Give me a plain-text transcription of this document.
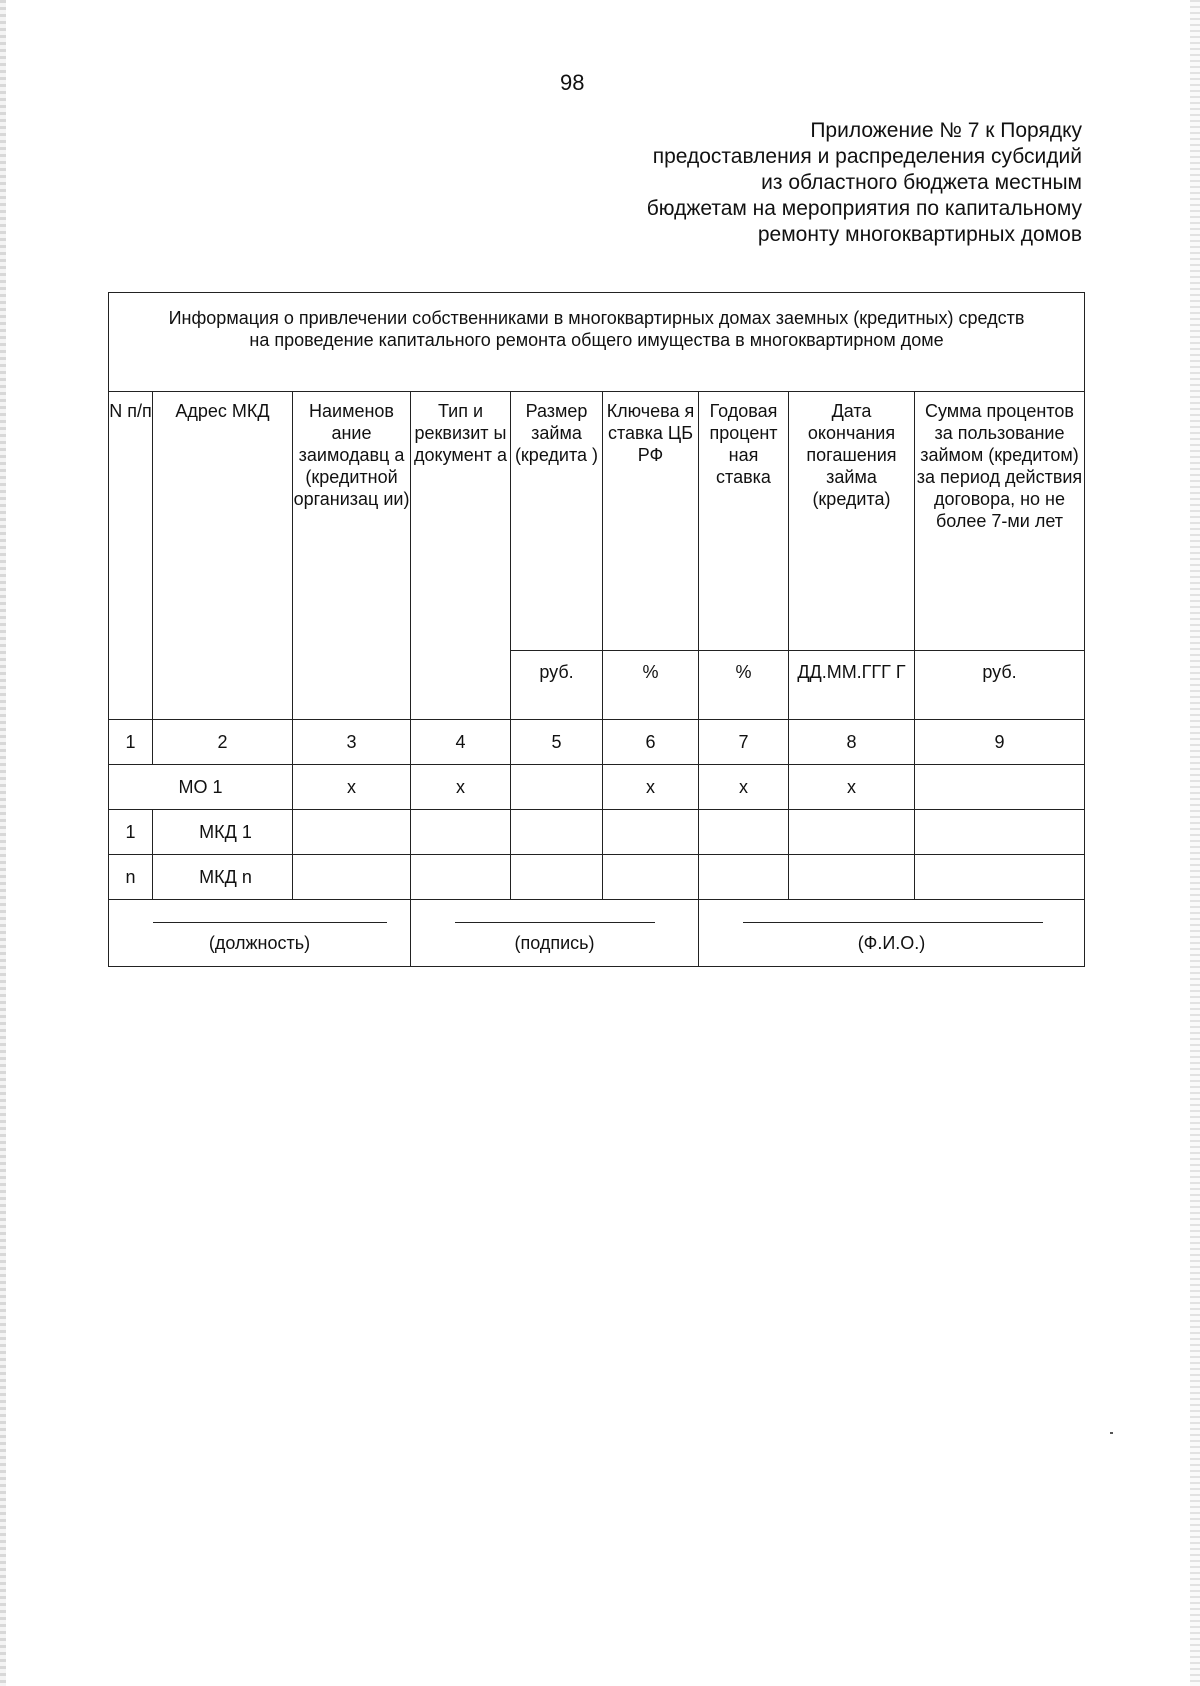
98
Приложение № 7 к Порядку
предоставления и распределения субсидий
из областного бюджета местным
бюджетам на мероприятия по капитальному
ремонту многоквартирных домов
Информация о привлечении собственниками в многоквартирных домах заемных (кредитных) средств на проведение капитального ремонта общего имущества в многоквартирном доме								
N п/п	Адрес МКД	Наименов ание заимодавц а (кредитной организац ии)	Тип и реквизит ы документ а	Размер займа (кредита )	Ключева я ставка ЦБ РФ	Годовая процент ная ставка	Дата окончания погашения займа (кредита)	Сумма процентов за пользование займом (кредитом) за период действия договора, но не более 7-ми лет
				руб.	%	%	ДД.ММ.ГГГ Г	руб.
1	2	3	4	5	6	7	8	9
МО 1		х	х		х	х	х	
1	МКД 1							
n	МКД n							

(должность)			(подпись)			(Ф.И.О.)		
